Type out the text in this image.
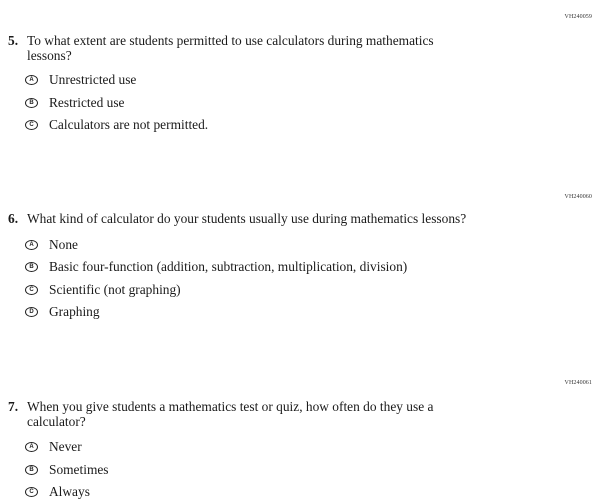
VH240059
5. To what extent are students permitted to use calculators during mathematics lessons?
A	Unrestricted use
B	Restricted use
C	Calculators are not permitted.
VH240060
6. What kind of calculator do your students usually use during mathematics lessons?
A	None
B	Basic four-function (addition, subtraction, multiplication, division)
C	Scientific (not graphing)
D	Graphing
VH240061
7. When you give students a mathematics test or quiz, how often do they use a calculator?
A	Never
B	Sometimes
C	Always
